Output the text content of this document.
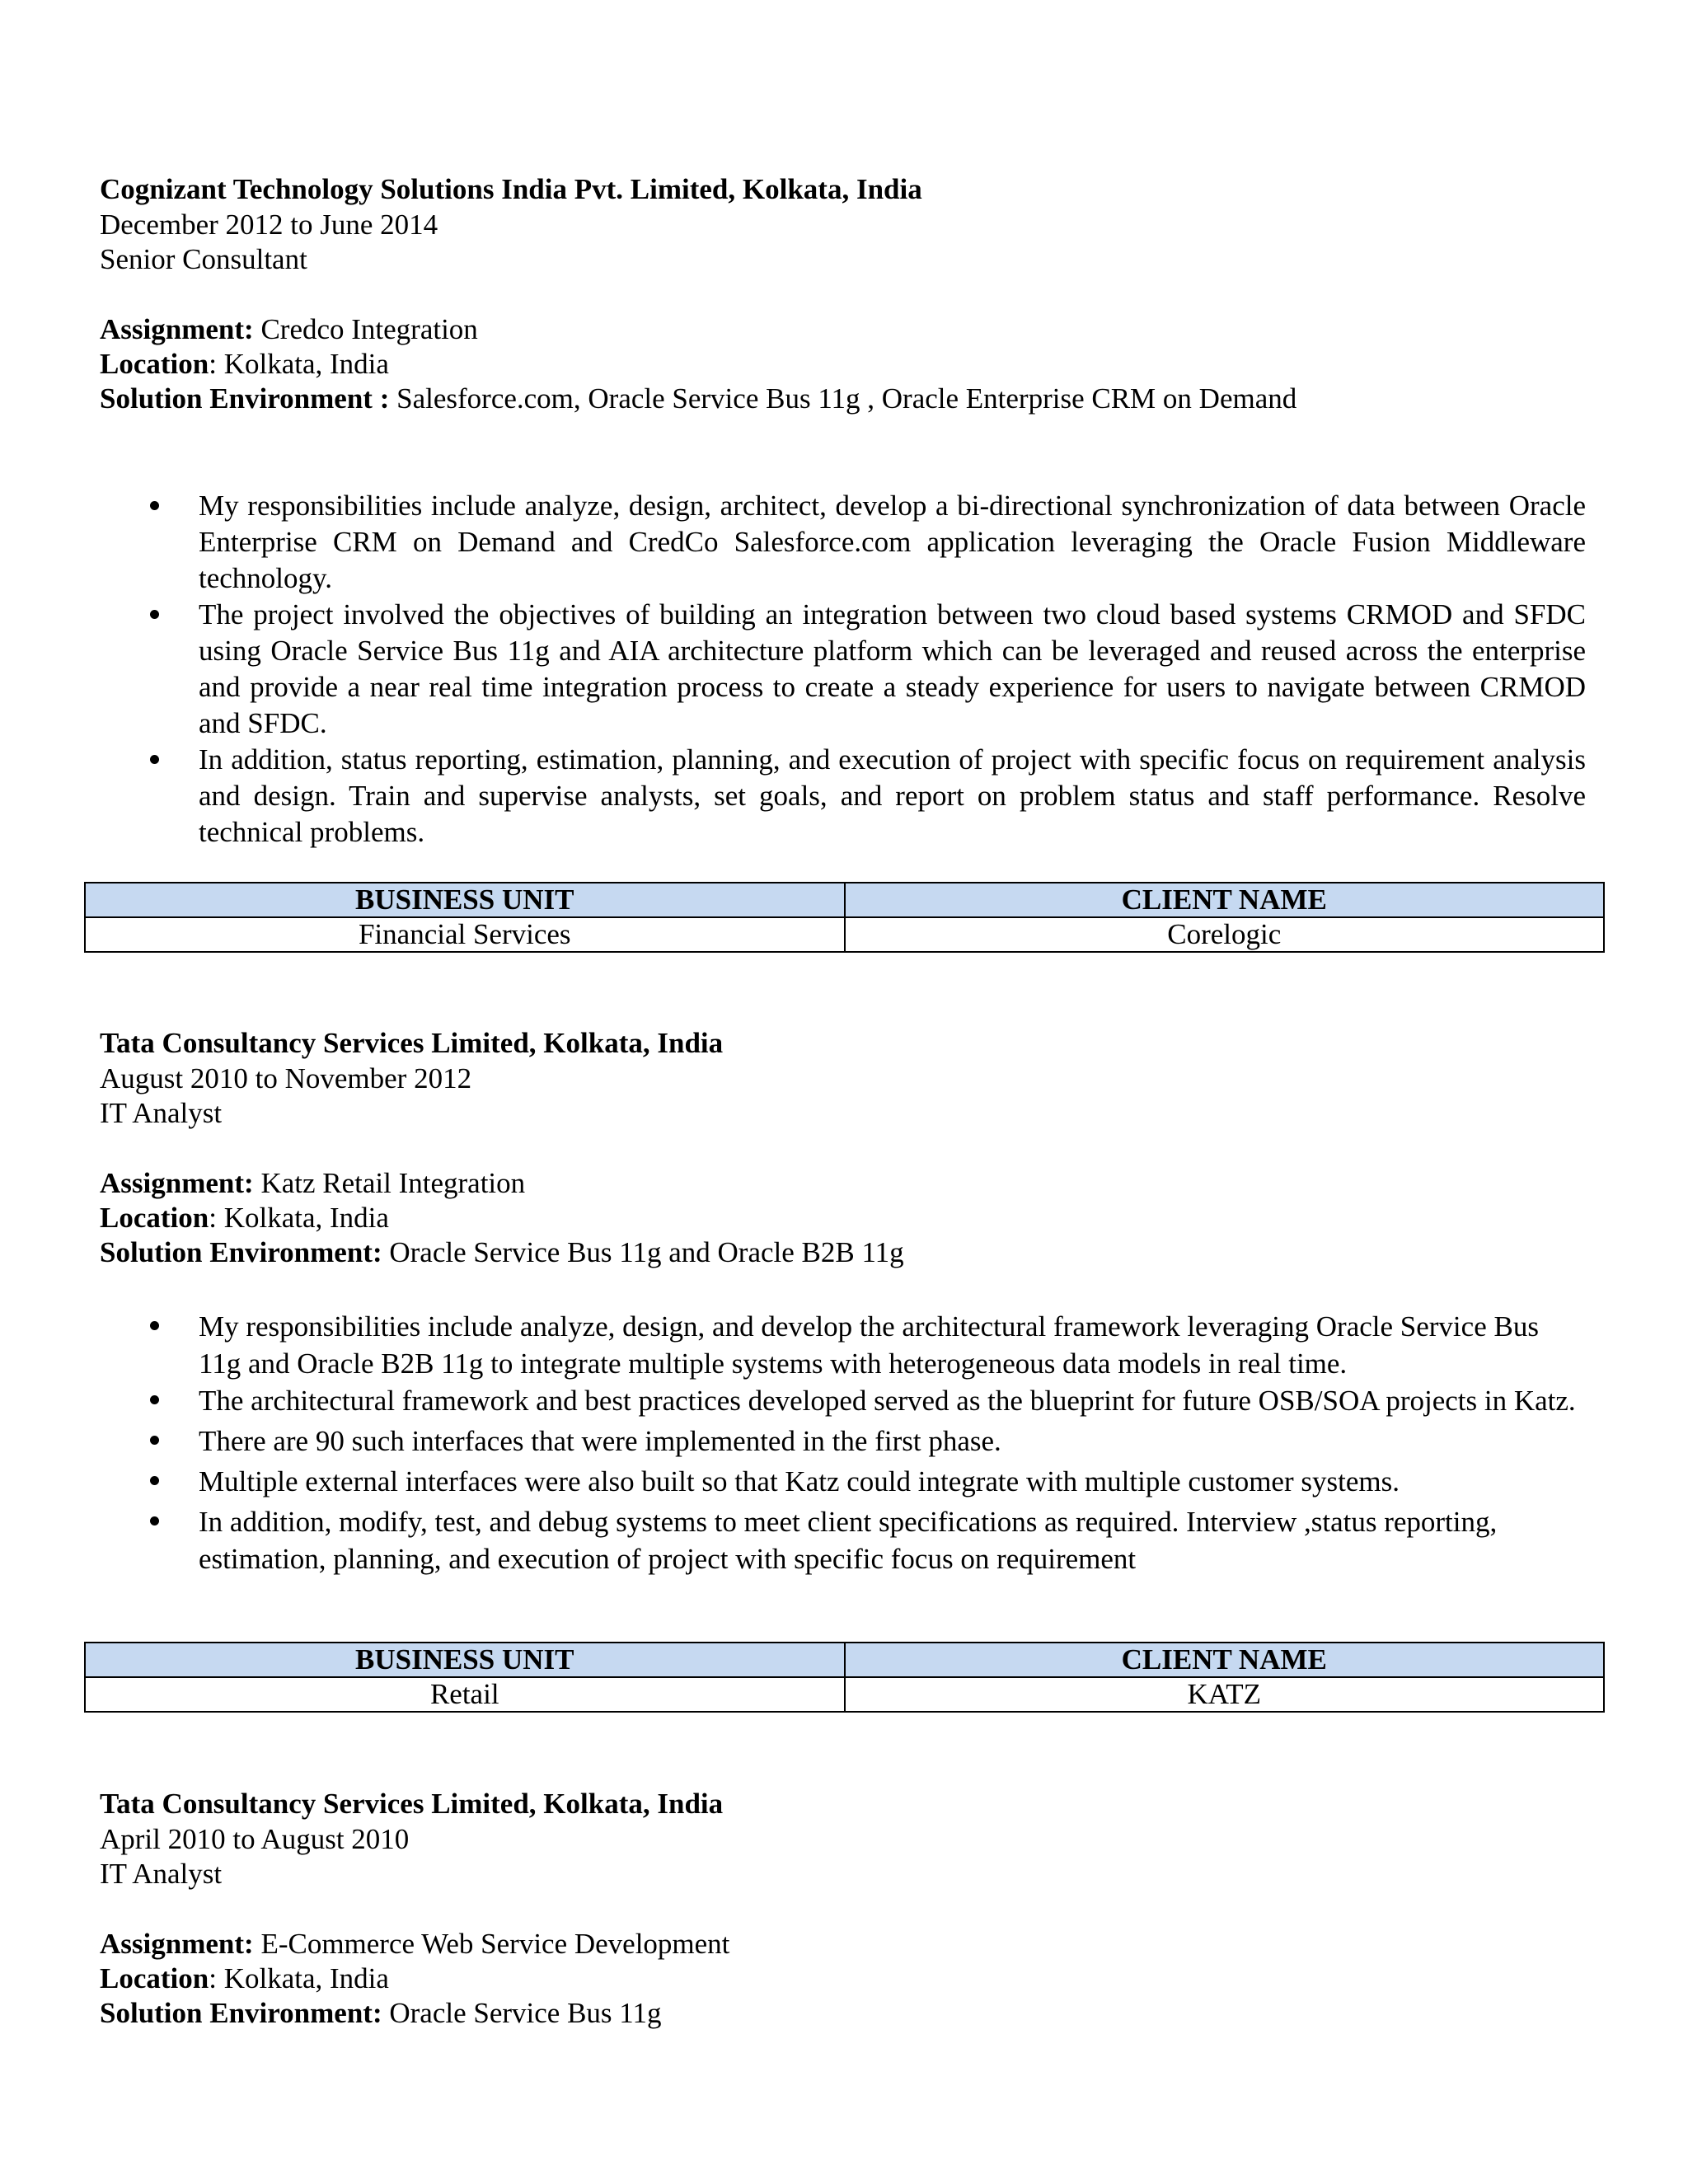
Cognizant Technology Solutions India Pvt. Limited, Kolkata, India
December 2012 to June 2014
Senior Consultant
Assignment: Credco Integration
Location: Kolkata, India
Solution Environment : Salesforce.com, Oracle Service Bus 11g , Oracle Enterprise CRM on Demand
My responsibilities include analyze, design, architect, develop a bi-directional synchronization of data between Oracle Enterprise CRM on Demand and CredCo Salesforce.com application leveraging the Oracle Fusion Middleware technology.
The project involved the objectives of building an integration between two cloud based systems CRMOD and SFDC using Oracle Service Bus 11g and AIA architecture platform which can be leveraged and reused across the enterprise and provide a near real time integration process to create a steady experience for users to navigate between CRMOD and SFDC.
In addition, status reporting, estimation, planning, and execution of project with specific focus on requirement analysis and design. Train and supervise analysts, set goals, and report on problem status and staff performance. Resolve technical problems.
BUSINESS UNIT	CLIENT NAME
Financial Services	Corelogic
Tata Consultancy Services Limited, Kolkata, India
August 2010 to November 2012
IT Analyst
Assignment: Katz Retail Integration
Location: Kolkata, India
Solution Environment: Oracle Service Bus 11g and Oracle B2B 11g
My responsibilities include analyze, design, and develop the architectural framework leveraging Oracle Service Bus 11g and Oracle B2B 11g to integrate multiple systems with heterogeneous data models in real time.
The architectural framework and best practices developed served as the blueprint for future OSB/SOA projects in Katz.
There are 90 such interfaces that were implemented in the first phase.
Multiple external interfaces were also built so that Katz could integrate with multiple customer systems.
In addition, modify, test, and debug systems to meet client specifications as required. Interview ,status reporting, estimation, planning, and execution of project with specific focus on requirement
BUSINESS UNIT	CLIENT NAME
Retail	KATZ
Tata Consultancy Services Limited, Kolkata, India
April 2010 to August 2010
IT Analyst
Assignment: E-Commerce Web Service Development
Location: Kolkata, India
Solution Environment: Oracle Service Bus 11g
